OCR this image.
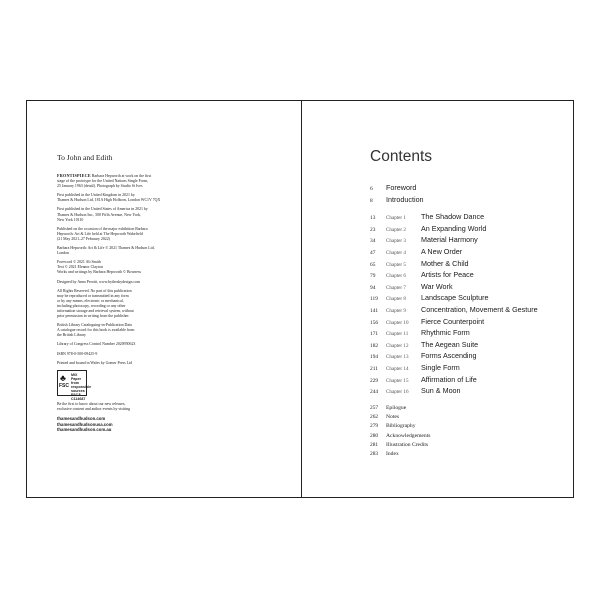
To John and Edith
FRONTISPIECE Barbara Hepworth at work on the first
stage of the prototype for the United Nations Single Form,
25 January 1963 (detail). Photograph by Studio St Ives
First published in the United Kingdom in 2021 by
Thames & Hudson Ltd, 181A High Holborn, London WC1V 7QX
First published in the United States of America in 2021 by
Thames & Hudson Inc., 500 Fifth Avenue, New York,
New York 10110
Published on the occasion of the major exhibition Barbara
Hepworth: Art & Life held at The Hepworth Wakefield
(21 May 2021–27 February 2022)
Barbara Hepworth: Art & Life © 2021 Thames & Hudson Ltd,
London
Foreword © 2021 Ali Smith
Text © 2021 Eleanor Clayton
Works and writings by Barbara Hepworth © Bowness
Designed by Anna Perotti, www.bytheskydesign.com
All Rights Reserved. No part of this publication
may be reproduced or transmitted in any form
or by any means, electronic or mechanical,
including photocopy, recording or any other
information storage and retrieval system, without
prior permission in writing from the publisher.
British Library Cataloguing-in-Publication Data
A catalogue record for this book is available from
the British Library
Library of Congress Control Number 2020950623
ISBN 978-0-500-09425-9
Printed and bound in Wales by Gomer Press Ltd
♣
FSC
MIX
Paper from
responsible sources
FSC® C114687
Be the first to know about our new releases,
exclusive content and author events by visiting
thamesandhudson.com
thamesandhudsonusa.com
thamesandhudson.com.au
Contents
6	Foreword
8	Introduction
13	Chapter 1	The Shadow Dance
23	Chapter 2	An Expanding World
34	Chapter 3	Material Harmony
47	Chapter 4	A New Order
65	Chapter 5	Mother & Child
79	Chapter 6	Artists for Peace
94	Chapter 7	War Work
119	Chapter 8	Landscape Sculpture
141	Chapter 9	Concentration, Movement & Gesture
156	Chapter 10	Fierce Counterpoint
171	Chapter 11	Rhythmic Form
182	Chapter 12	The Aegean Suite
194	Chapter 13	Forms Ascending
211	Chapter 14	Single Form
229	Chapter 15	Affirmation of Life
244	Chapter 16	Sun & Moon
257	Epilogue
262	Notes
279	Bibliography
280	Acknowledgements
281	Illustration Credits
283	Index
